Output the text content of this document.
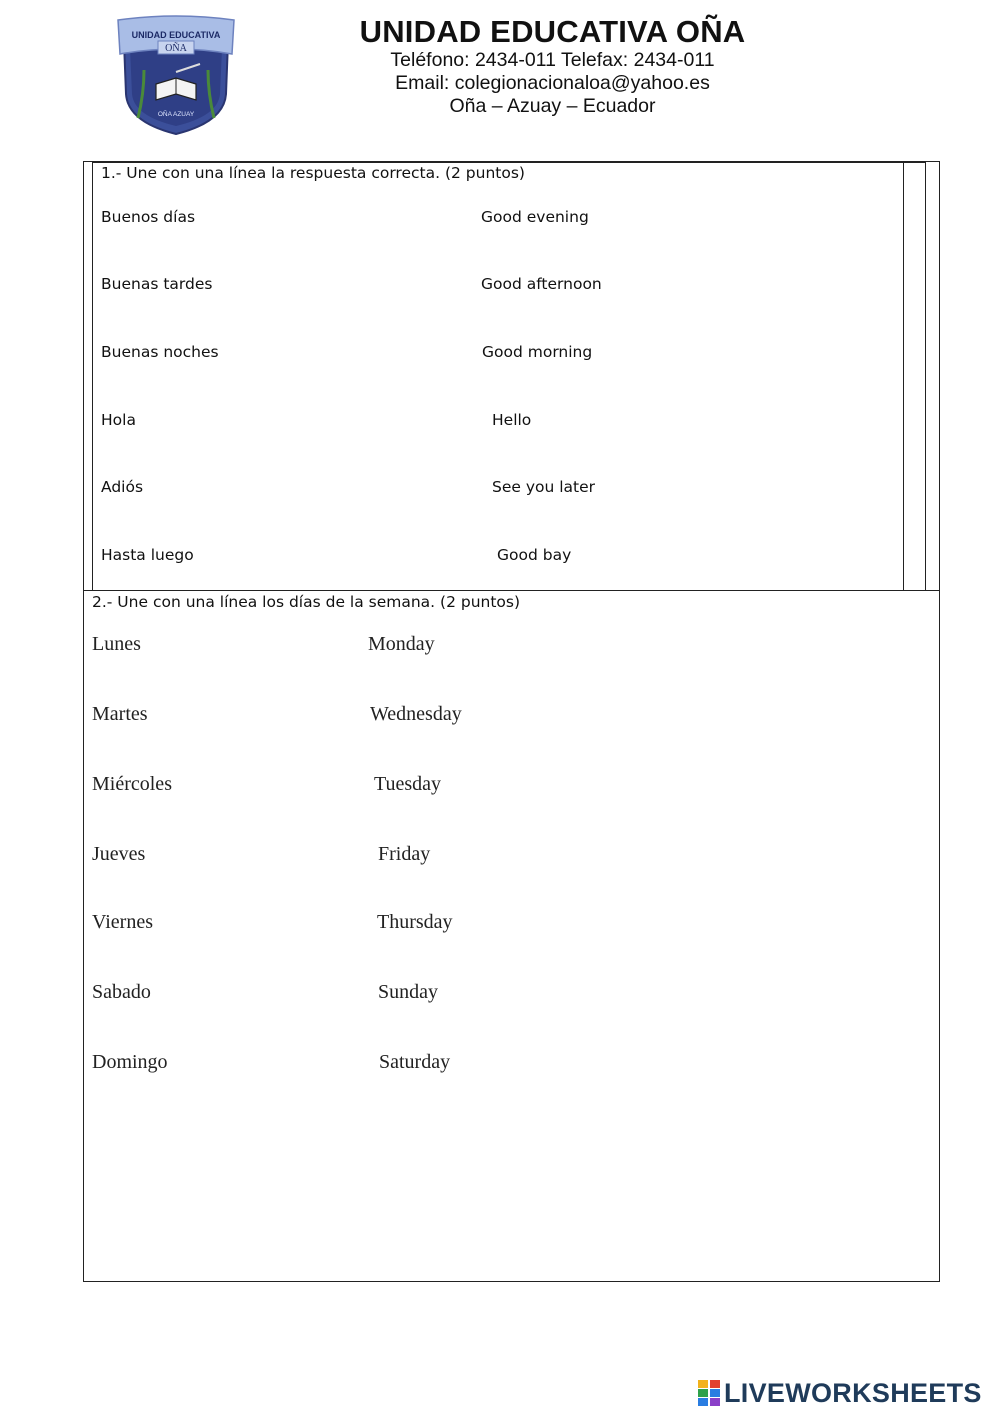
UNIDAD EDUCATIVA
OÑA
OÑA AZUAY
UNIDAD EDUCATIVA OÑA
Teléfono: 2434-011 Telefax: 2434-011
Email: colegionacionaloa@yahoo.es
Oña – Azuay – Ecuador
1.- Une con una línea la respuesta correcta. (2 puntos)
Buenos días
Buenas tardes
Buenas noches
Hola
Adiós
Hasta luego
Good evening
Good afternoon
Good morning
Hello
See you later
Good bay
2.- Une con una línea los días de la semana. (2 puntos)
Lunes
Martes
Miércoles
Jueves
Viernes
Sabado
Domingo
Monday
Wednesday
Tuesday
Friday
Thursday
Sunday
Saturday
LIVEWORKSHEETS
